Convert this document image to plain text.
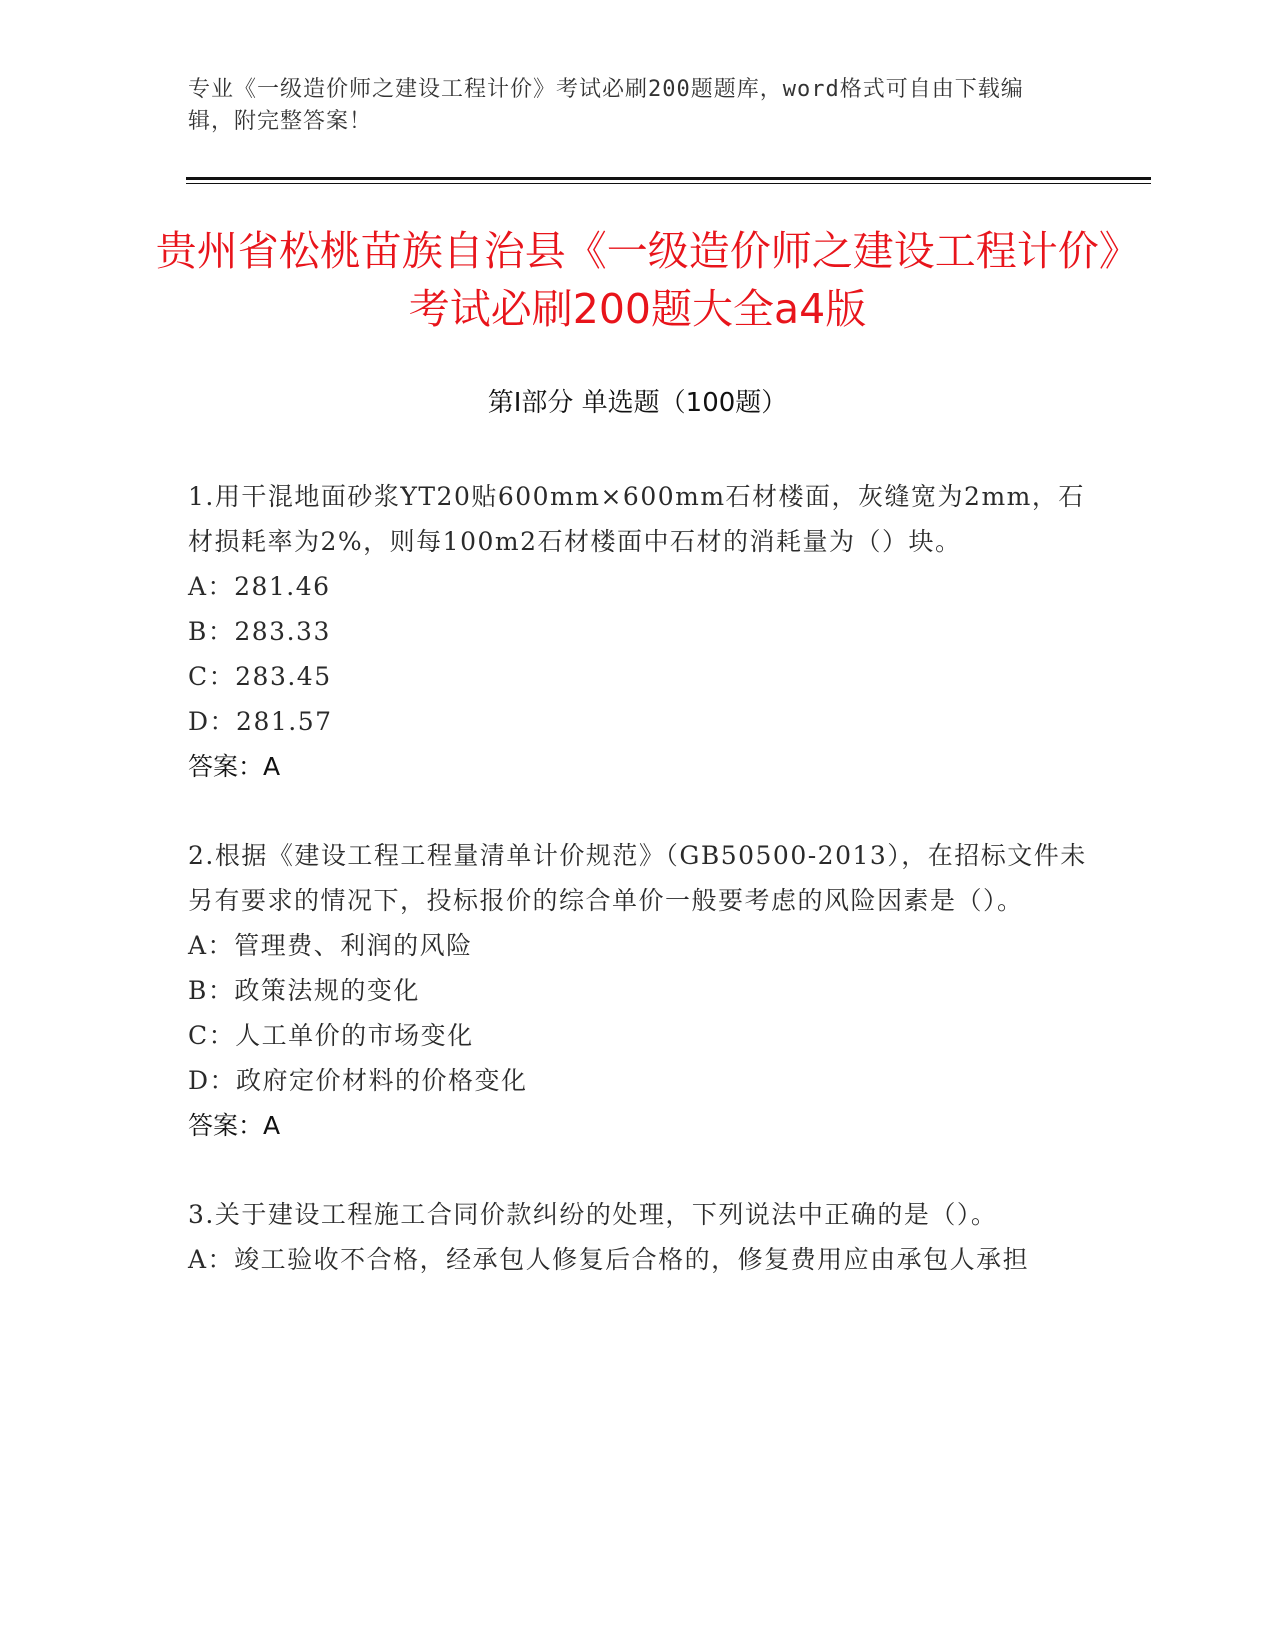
专业《一级造价师之建设工程计价》考试必刷200题题库，word格式可自由下载编辑，附完整答案！
贵州省松桃苗族自治县《一级造价师之建设工程计价》考试必刷200题大全a4版
第Ⅰ部分 单选题（100题）
1.用干混地面砂浆YT20贴600mm×600mm石材楼面，灰缝宽为2mm，石材损耗率为2%，则每100m2石材楼面中石材的消耗量为（）块。
A：281.46
B：283.33
C：283.45
D：281.57
答案：A
2.根据《建设工程工程量清单计价规范》（GB50500-2013），在招标文件未另有要求的情况下，投标报价的综合单价一般要考虑的风险因素是（）。
A：管理费、利润的风险
B：政策法规的变化
C：人工单价的市场变化
D：政府定价材料的价格变化
答案：A
3.关于建设工程施工合同价款纠纷的处理，下列说法中正确的是（）。
A：竣工验收不合格，经承包人修复后合格的，修复费用应由承包人承担
